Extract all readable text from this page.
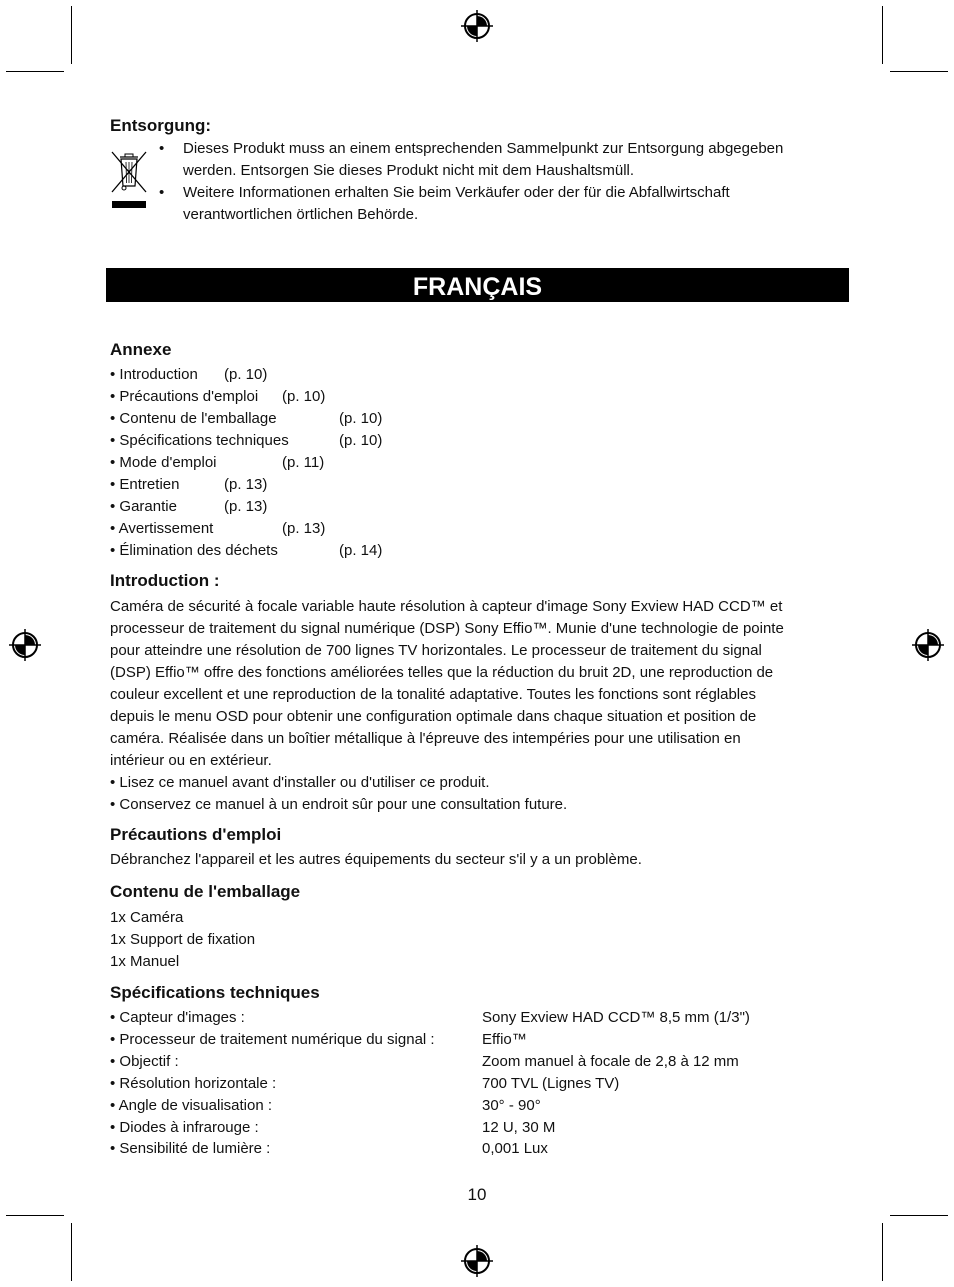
Entsorgung:
• Dieses Produkt muss an einem entsprechenden Sammelpunkt zur Entsorgung abgegeben
werden. Entsorgen Sie dieses Produkt nicht mit dem Haushaltsmüll.
• Weitere Informationen erhalten Sie beim Verkäufer oder der für die Abfallwirtschaft
verantwortlichen örtlichen Behörde.
FRANÇAIS
Annexe
• Introduction (p. 10)
• Précautions d'emploi (p. 10)
• Contenu de l'emballage	(p. 10)
• Spécifications techniques	(p. 10)
• Mode d'emploi	(p. 11)
• Entretien	(p. 13)
• Garantie	(p. 13)
• Avertissement	(p. 13)
• Élimination des déchets	(p. 14)
Introduction :
Caméra de sécurité à focale variable haute résolution à capteur d'image Sony Exview HAD CCD™ et
processeur de traitement du signal numérique (DSP) Sony Effio™. Munie d'une technologie de pointe
pour atteindre une résolution de 700 lignes TV horizontales. Le processeur de traitement du signal
(DSP) Effio™ offre des fonctions améliorées telles que la réduction du bruit 2D, une reproduction de
couleur excellent et une reproduction de la tonalité adaptative. Toutes les fonctions sont réglables
depuis le menu OSD pour obtenir une configuration optimale dans chaque situation et position de
caméra. Réalisée dans un boîtier métallique à l'épreuve des intempéries pour une utilisation en
intérieur ou en extérieur.
• Lisez ce manuel avant d'installer ou d'utiliser ce produit.
• Conservez ce manuel à un endroit sûr pour une consultation future.
Précautions d'emploi
Débranchez l'appareil et les autres équipements du secteur s'il y a un problème.
Contenu de l'emballage
1x Caméra
1x Support de fixation
1x Manuel
Spécifications techniques
• Capteur d'images :	Sony Exview HAD CCD™ 8,5 mm (1/3")
• Processeur de traitement numérique du signal :	Effio™
• Objectif :	Zoom manuel à focale de 2,8 à 12 mm
• Résolution horizontale :	700 TVL (Lignes TV)
• Angle de visualisation :	30° - 90°
• Diodes à infrarouge :	12 U, 30 M
• Sensibilité de lumière :	0,001 Lux
10
